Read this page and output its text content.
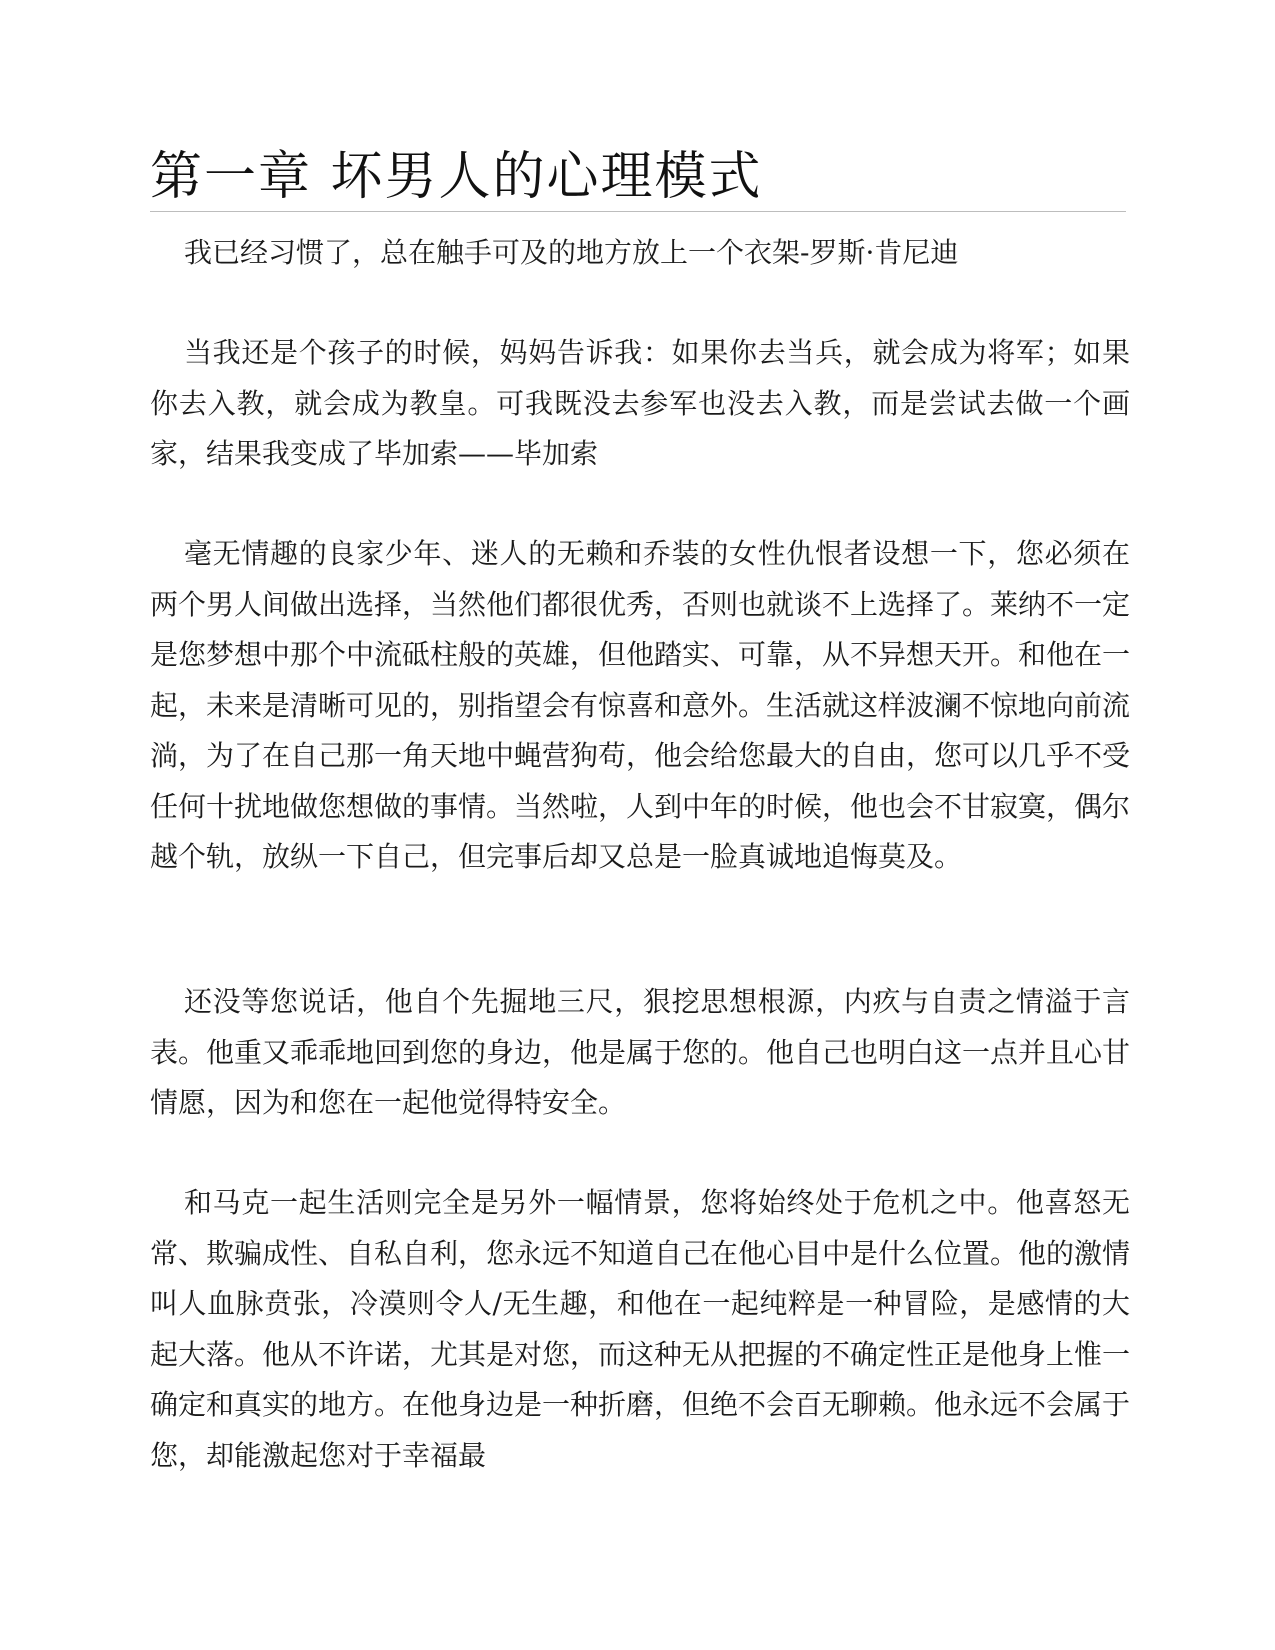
第一章 坏男人的心理模式

我已经习惯了，总在触手可及的地方放上一个衣架-罗斯·肯尼迪

当我还是个孩子的时候，妈妈告诉我：如果你去当兵，就会成为将军；如果你去入教，就会成为教皇。可我既没去参军也没去入教，而是尝试去做一个画家，结果我变成了毕加索——毕加索

毫无情趣的良家少年、迷人的无赖和乔装的女性仇恨者设想一下，您必须在两个男人间做出选择，当然他们都很优秀，否则也就谈不上选择了。莱纳不一定是您梦想中那个中流砥柱般的英雄，但他踏实、可靠，从不异想天开。和他在一起，未来是清晰可见的，别指望会有惊喜和意外。生活就这样波澜不惊地向前流淌，为了在自己那一角天地中蝇营狗苟，他会给您最大的自由，您可以几乎不受任何十扰地做您想做的事情。当然啦，人到中年的时候，他也会不甘寂寞，偶尔越个轨，放纵一下自己，但完事后却又总是一脸真诚地追悔莫及。

还没等您说话，他自个先掘地三尺，狠挖思想根源，内疚与自责之情溢于言表。他重又乖乖地回到您的身边，他是属于您的。他自己也明白这一点并且心甘情愿，因为和您在一起他觉得特安全。

和马克一起生活则完全是另外一幅情景，您将始终处于危机之中。他喜怒无常、欺骗成性、自私自利，您永远不知道自己在他心目中是什么位置。他的激情叫人血脉贲张，冷漠则令人/无生趣，和他在一起纯粹是一种冒险，是感情的大起大落。他从不许诺，尤其是对您，而这种无从把握的不确定性正是他身上惟一确定和真实的地方。在他身边是一种折磨，但绝不会百无聊赖。他永远不会属于您，却能激起您对于幸福最
